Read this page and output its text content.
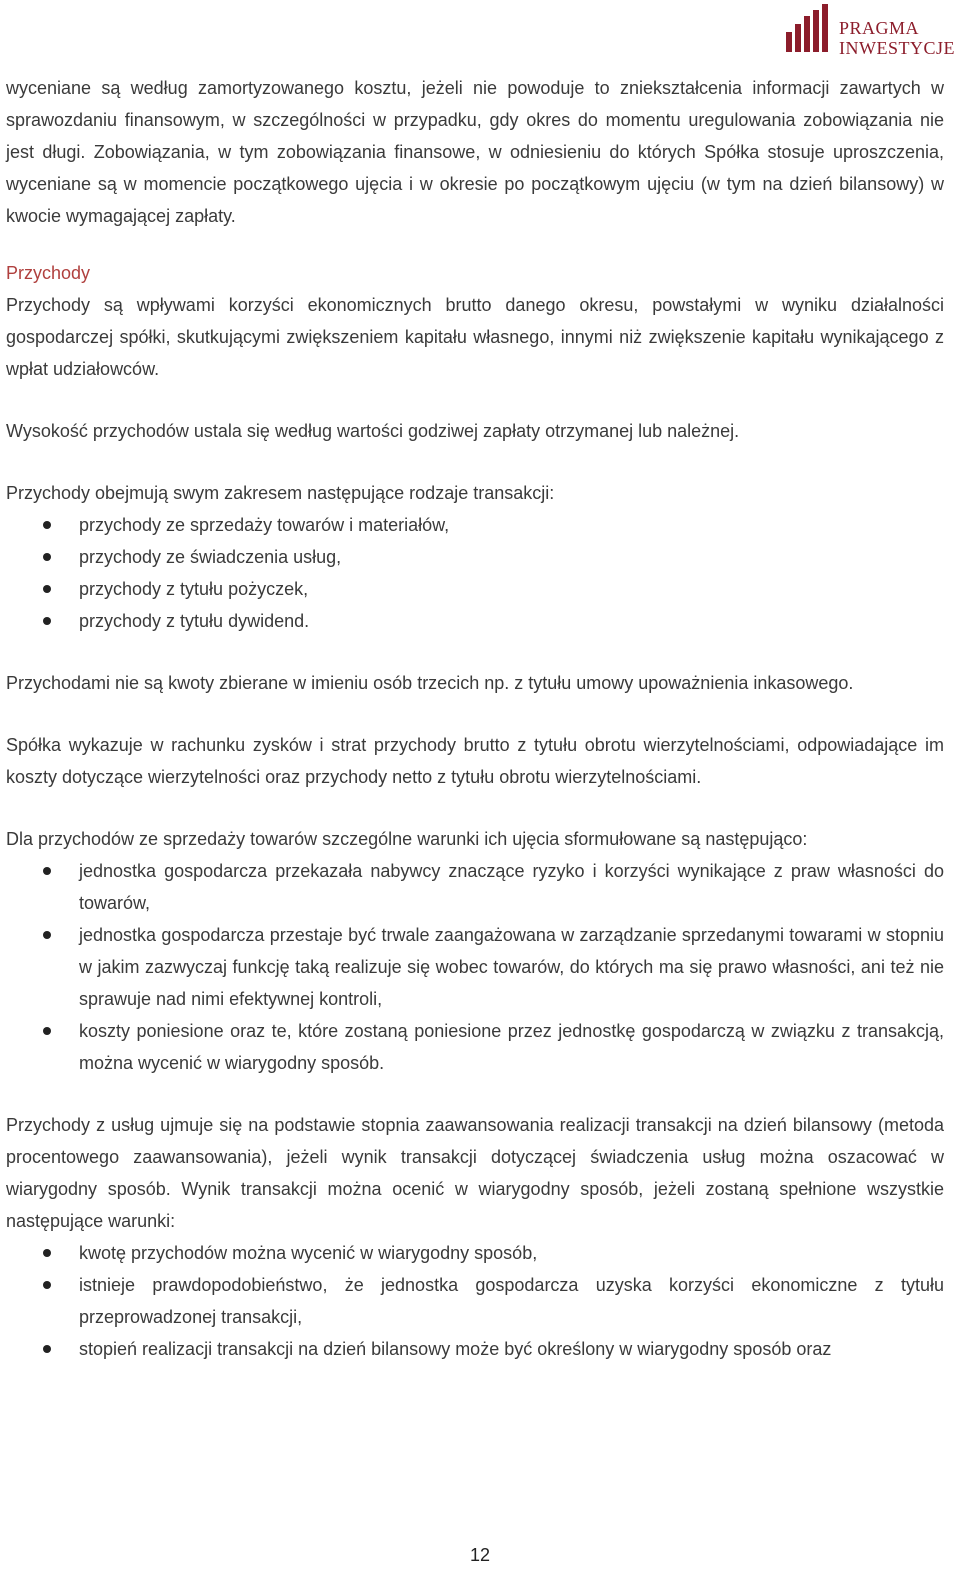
PRAGMA
INWESTYCJE

wyceniane są według zamortyzowanego kosztu, jeżeli nie powoduje to zniekształcenia informacji zawartych w sprawozdaniu finansowym, w szczególności w przypadku, gdy okres do momentu uregulowania zobowiązania nie jest długi. Zobowiązania, w tym zobowiązania finansowe, w odniesieniu do których Spółka stosuje uproszczenia, wyceniane są w momencie początkowego ujęcia i w okresie po początkowym ujęciu (w tym na dzień bilansowy) w kwocie wymagającej zapłaty.

Przychody

Przychody są wpływami korzyści ekonomicznych brutto danego okresu, powstałymi w wyniku działalności gospodarczej spółki, skutkującymi zwiększeniem kapitału własnego, innymi niż zwiększenie kapitału wynikającego z wpłat udziałowców.

Wysokość przychodów ustala się według wartości godziwej zapłaty otrzymanej lub należnej.

Przychody obejmują swym zakresem następujące rodzaje transakcji:

przychody ze sprzedaży towarów i materiałów,
przychody ze świadczenia usług,
przychody z tytułu pożyczek,
przychody z tytułu dywidend.

Przychodami nie są kwoty zbierane w imieniu osób trzecich np. z tytułu umowy upoważnienia inkasowego.

Spółka wykazuje w rachunku zysków i strat przychody brutto z tytułu obrotu wierzytelnościami, odpowiadające im koszty dotyczące wierzytelności oraz przychody netto z tytułu obrotu wierzytelnościami.

Dla przychodów ze sprzedaży towarów szczególne warunki ich ujęcia sformułowane są następująco:

jednostka gospodarcza przekazała nabywcy znaczące ryzyko i korzyści wynikające z praw własności do towarów,
jednostka gospodarcza przestaje być trwale zaangażowana w zarządzanie sprzedanymi towarami w stopniu w jakim zazwyczaj funkcję taką realizuje się wobec towarów, do których ma się prawo własności, ani też nie sprawuje nad nimi efektywnej kontroli,
koszty poniesione oraz te, które zostaną poniesione przez jednostkę gospodarczą w związku z transakcją, można wycenić w wiarygodny sposób.

Przychody z usług ujmuje się na podstawie stopnia zaawansowania realizacji transakcji na dzień bilansowy (metoda procentowego zaawansowania), jeżeli wynik transakcji dotyczącej świadczenia usług można oszacować w wiarygodny sposób. Wynik transakcji można ocenić w wiarygodny sposób, jeżeli zostaną spełnione wszystkie następujące warunki:

kwotę przychodów można wycenić w wiarygodny sposób,
istnieje prawdopodobieństwo, że jednostka gospodarcza uzyska korzyści ekonomiczne z tytułu przeprowadzonej transakcji,
stopień realizacji transakcji na dzień bilansowy może być określony w wiarygodny sposób oraz
12
